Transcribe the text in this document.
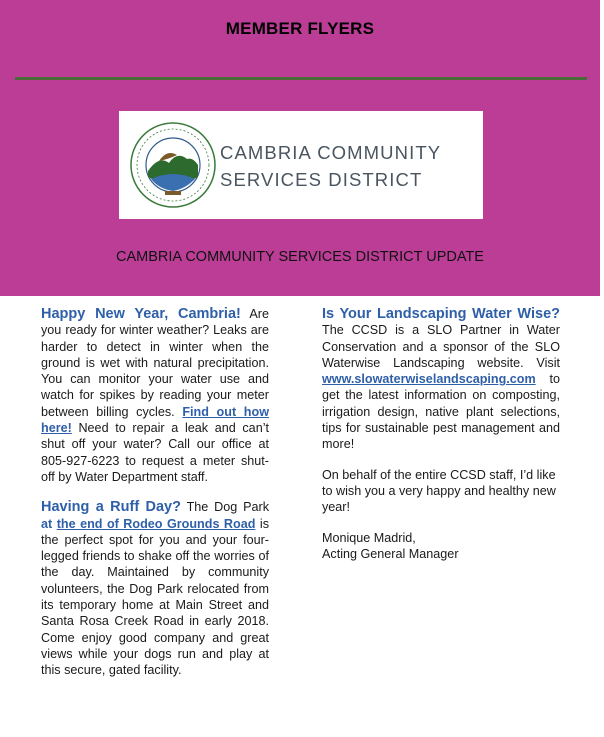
MEMBER FLYERS
CAMBRIA COMMUNITY
SERVICES DISTRICT
CAMBRIA COMMUNITY SERVICES DISTRICT UPDATE

Happy New Year, Cambria! Are you ready for winter weather? Leaks are harder to detect in winter when the ground is wet with natural precipitation. You can monitor your water use and watch for spikes by reading your meter between billing cycles. Find out how here! Need to repair a leak and can’t shut off your water? Call our office at 805-927-6223 to request a meter shut-off by Water Department staff.

Having a Ruff Day? The Dog Park at the end of Rodeo Grounds Road is the perfect spot for you and your four-legged friends to shake off the worries of the day. Maintained by community volunteers, the Dog Park relocated from its temporary home at Main Street and Santa Rosa Creek Road in early 2018. Come enjoy good company and great views while your dogs run and play at this secure, gated facility.

Is Your Landscaping Water Wise? The CCSD is a SLO Partner in Water Conservation and a sponsor of the SLO Waterwise Landscaping website. Visit www.slowaterwiselandscaping.com to get the latest information on composting, irrigation design, native plant selections, tips for sustainable pest management and more!

On behalf of the entire CCSD staff, I’d like to wish you a very happy and healthy new year!

Monique Madrid,

Acting General Manager
